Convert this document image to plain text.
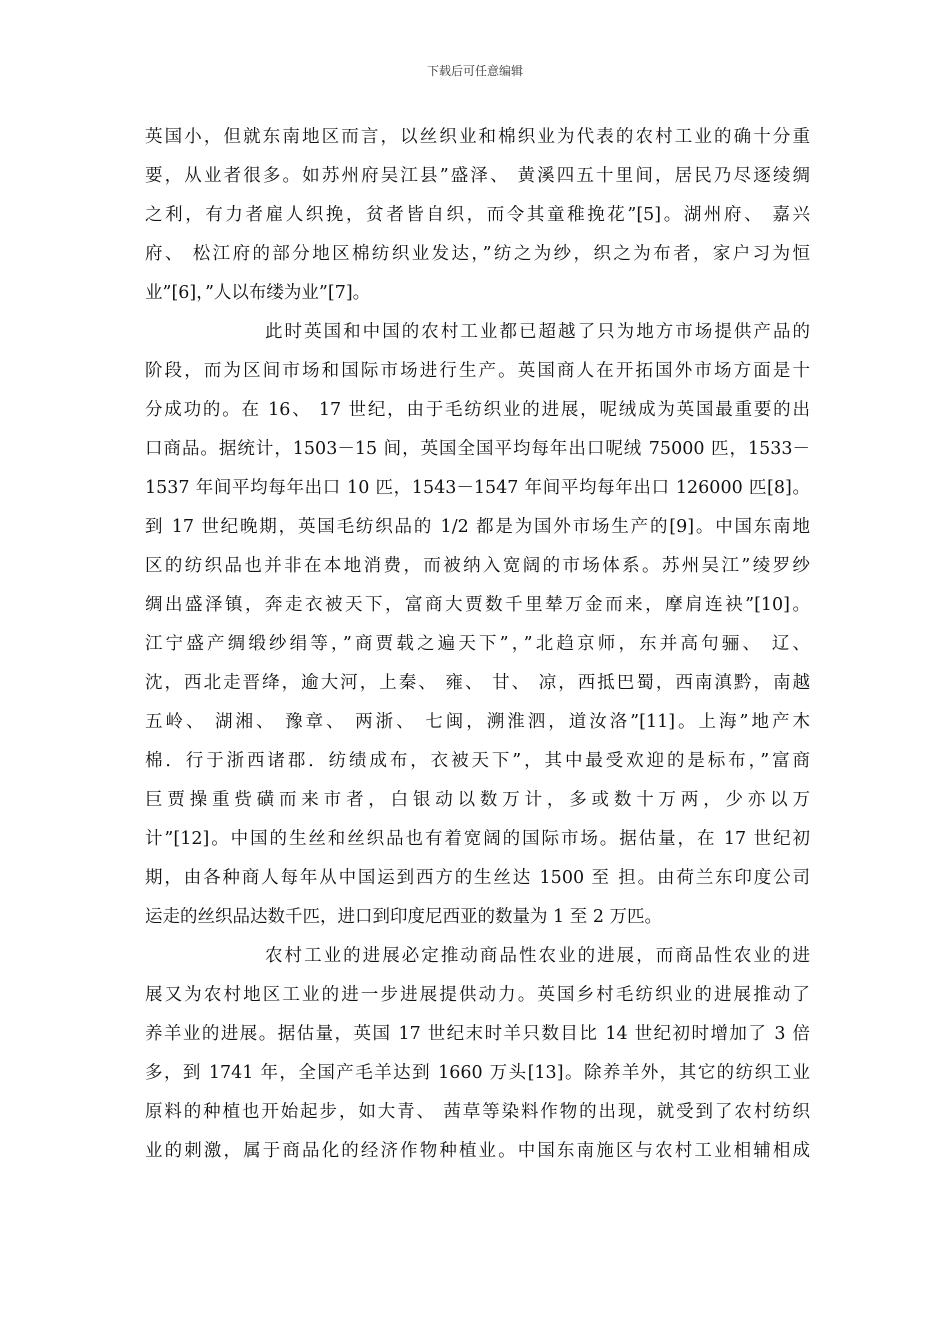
下载后可任意编辑
英国小，但就东南地区而言，以丝织业和棉织业为代表的农村工业的确十分重
要，从业者很多。如苏州府吴江县”盛泽、 黄溪四五十里间，居民乃尽逐绫绸
之利，有力者雇人织挽，贫者皆自织，而令其童稚挽花”[5]。湖州府、 嘉兴
府、 松江府的部分地区棉纺织业发达，”纺之为纱，织之为布者，家户习为恒
业”[6]，”人以布缕为业”[7]。
此时英国和中国的农村工业都已超越了只为地方市场提供产品的
阶段，而为区间市场和国际市场进行生产。英国商人在开拓国外市场方面是十
分成功的。在 16、 17 世纪，由于毛纺织业的进展，呢绒成为英国最重要的出
口商品。据统计，1503－15 间，英国全国平均每年出口呢绒 75000 匹，1533－
1537 年间平均每年出口 10 匹，1543－1547 年间平均每年出口 126000 匹[8]。
到 17 世纪晚期，英国毛纺织品的 1/2 都是为国外市场生产的[9]。中国东南地
区的纺织品也并非在本地消费，而被纳入宽阔的市场体系。苏州吴江”绫罗纱
绸出盛泽镇，奔走衣被天下，富商大贾数千里辇万金而来，摩肩连袂”[10]。
江宁盛产绸缎纱绢等，”商贾载之遍天下”，”北趋京师，东并高句骊、 辽、
沈，西北走晋绛，逾大河，上秦、 雍、 甘、 凉，西抵巴蜀，西南滇黔，南越
五岭、 湖湘、 豫章、 两浙、 七闽，溯淮泗，道汝洛”[11]。上海”地产木
棉．行于浙西诸郡．纺绩成布，衣被天下”，其中最受欢迎的是标布，”富商
巨贾操重赀磺而来市者，白银动以数万计，多或数十万两，少亦以万
计”[12]。中国的生丝和丝织品也有着宽阔的国际市场。据估量，在 17 世纪初
期，由各种商人每年从中国运到西方的生丝达 1500 至 担。由荷兰东印度公司
运走的丝织品达数千匹，进口到印度尼西亚的数量为 1 至 2 万匹。
农村工业的进展必定推动商品性农业的进展，而商品性农业的进
展又为农村地区工业的进一步进展提供动力。英国乡村毛纺织业的进展推动了
养羊业的进展。据估量，英国 17 世纪末时羊只数目比 14 世纪初时增加了 3 倍
多，到 1741 年，全国产毛羊达到 1660 万头[13]。除养羊外，其它的纺织工业
原料的种植也开始起步，如大青、 茜草等染料作物的出现，就受到了农村纺织
业的刺激，属于商品化的经济作物种植业。中国东南施区与农村工业相辅相成
